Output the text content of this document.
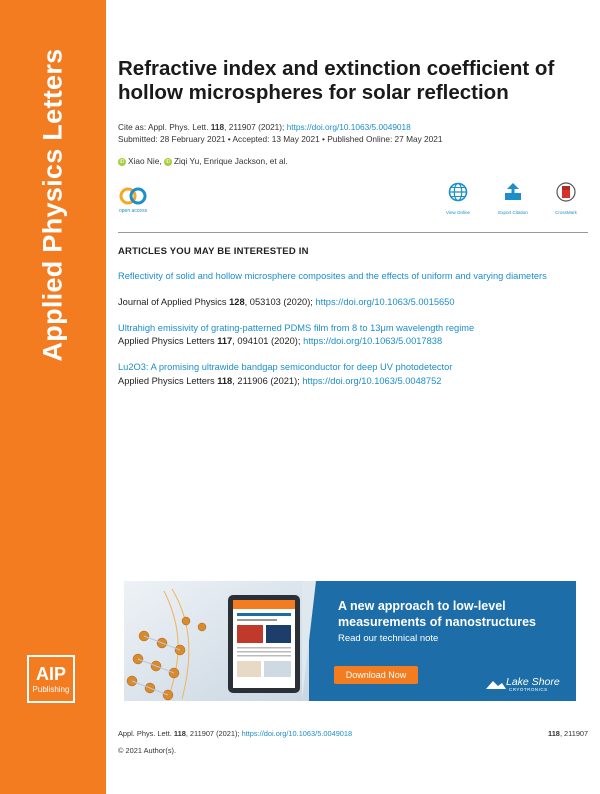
Applied Physics Letters
AIP
Publishing
Refractive index and extinction coefficient of hollow microspheres for solar reflection
Cite as: Appl. Phys. Lett. 118, 211907 (2021); https://doi.org/10.1063/5.0049018
Submitted: 28 February 2021 • Accepted: 13 May 2021 • Published Online: 27 May 2021
iD Xiao Nie, iD Ziqi Yu, Enrique Jackson, et al.
open access	View Online	Export Citation	CrossMark
ARTICLES YOU MAY BE INTERESTED IN
Reflectivity of solid and hollow microsphere composites and the effects of uniform and varying diameters
Journal of Applied Physics 128, 053103 (2020); https://doi.org/10.1063/5.0015650
Ultrahigh emissivity of grating-patterned PDMS film from 8 to 13μm wavelength regime
Applied Physics Letters 117, 094101 (2020); https://doi.org/10.1063/5.0017838
Lu2O3: A promising ultrawide bandgap semiconductor for deep UV photodetector
Applied Physics Letters 118, 211906 (2021); https://doi.org/10.1063/5.0048752
A new approach to low-level
measurements of nanostructures
Read our technical note
Download Now
Lake Shore
CRYOTRONICS
Appl. Phys. Lett. 118, 211907 (2021); https://doi.org/10.1063/5.0049018	118, 211907
© 2021 Author(s).
